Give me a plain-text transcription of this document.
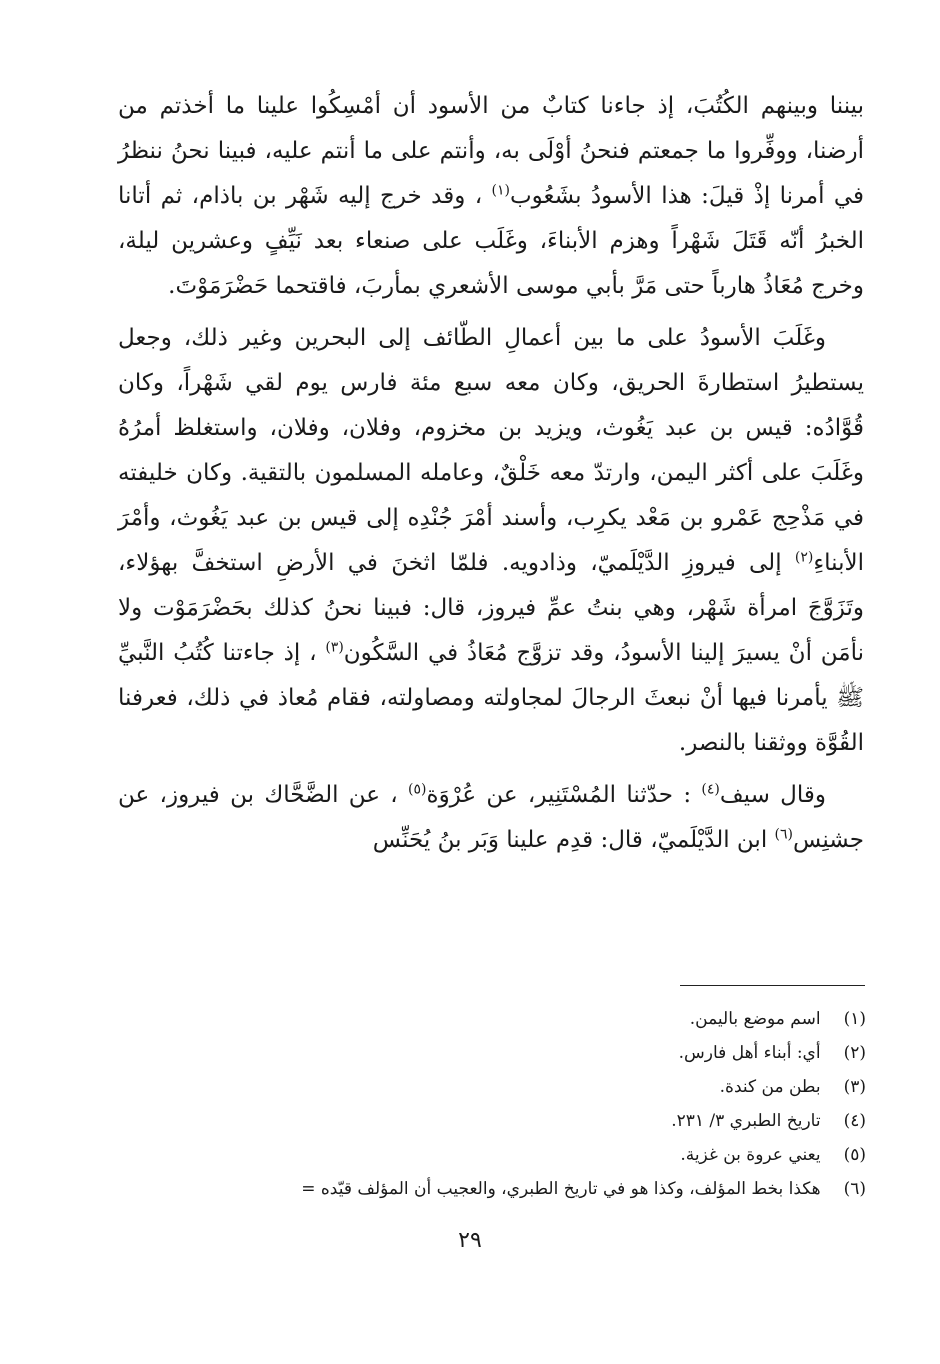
بيننا وبينهم الكُتُبَ، إذ جاءنا كتابٌ من الأسود أن أمْسِكُوا علينا ما أخذتم من أرضنا، ووفِّروا ما جمعتم فنحنُ أوْلَى به، وأنتم على ما أنتم عليه، فبينا نحنُ ننظرُ في أمرنا إذْ قيلَ: هذا الأسودُ بشَعُوب$^{(١)}$ ، وقد خرج إليه شَهْر بن باذام، ثم أتانا الخبرُ أنّه قَتَلَ شَهْراً وهزم الأبناءَ، وغَلَب على صنعاء بعد نَيِّفٍ وعشرين ليلة، وخرج مُعَاذُ هارباً حتى مَرَّ بأبي موسى الأشعري بمأربَ، فاقتحما حَضْرَمَوْتَ.

وغَلَبَ الأسودُ على ما بين أعمالِ الطّائف إلى البحرين وغير ذلك، وجعل يستطيرُ استطارةَ الحريق، وكان معه سبع مئة فارس يوم لقي شَهْراً، وكان قُوَّادُه: قيس بن عبد يَغُوث، ويزيد بن مخزوم، وفلان، وفلان، واستغلظ أمرُهُ وغَلَبَ على أكثر اليمن، وارتدّ معه خَلْقٌ، وعامله المسلمون بالتقية. وكان خليفته في مَذْحِج عَمْرو بن مَعْد يكرِب، وأسند أمْرَ جُنْدِه إلى قيس بن عبد يَغُوث، وأمْرَ الأبناءِ$^{(٢)}$ إلى فيروزِ الدَّيْلَميّ، وذادويه. فلمّا اثخنَ في الأرضِ استخفَّ بهؤلاء، وتَزَوَّجَ امرأة شَهْر، وهي بنتُ عمِّ فيروز، قال: فبينا نحنُ كذلك بحَضْرَمَوْت ولا نأمَن أنْ يسيرَ إلينا الأسودُ، وقد تزوَّج مُعَاذُ في السَّكُون$^{(٣)}$ ، إذ جاءتنا كُتُبُ النَّبيِّ ﷺ يأمرنا فيها أنْ نبعثَ الرجالَ لمجاولته ومصاولته، فقام مُعاذ في ذلك، فعرفنا القُوَّة ووثقنا بالنصر.

وقال سيف$^{(٤)}$ : حدّثنا المُسْتَنِير، عن عُرْوَة$^{(٥)}$ ، عن الضَّحَّاك بن فيروز، عن جشنِس$^{(٦)}$ ابن الدَّيْلَميّ، قال: قدِم علينا وَبَر بنُ يُحَنِّس

(١) اسم موضع باليمن.
(٢) أي: أبناء أهل فارس.
(٣) بطن من كندة.
(٤) تاريخ الطبري ٣/ ٢٣١.
(٥) يعني عروة بن غزية.
(٦) هكذا بخط المؤلف، وكذا هو في تاريخ الطبري، والعجيب أن المؤلف قيّده =
٢٩
